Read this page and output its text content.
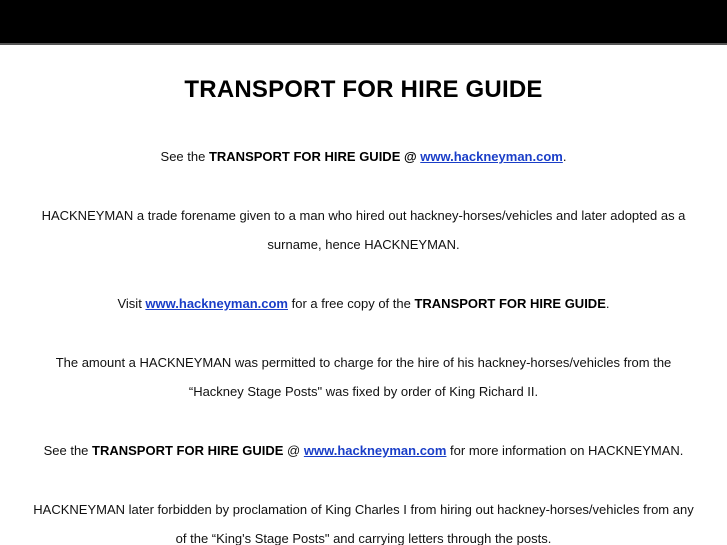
TRANSPORT FOR HIRE GUIDE

See the TRANSPORT FOR HIRE GUIDE @ www.hackneyman.com.

HACKNEYMAN a trade forename given to a man who hired out hackney-horses/vehicles and later adopted as a
surname, hence HACKNEYMAN.

Visit www.hackneyman.com for a free copy of the TRANSPORT FOR HIRE GUIDE.

The amount a HACKNEYMAN was permitted to charge for the hire of his hackney-horses/vehicles from the
“Hackney Stage Posts" was fixed by order of King Richard II.

See the TRANSPORT FOR HIRE GUIDE @ www.hackneyman.com for more information on HACKNEYMAN.

HACKNEYMAN later forbidden by proclamation of King Charles I from hiring out hackney-horses/vehicles from any
of the “King's Stage Posts" and carrying letters through the posts.
